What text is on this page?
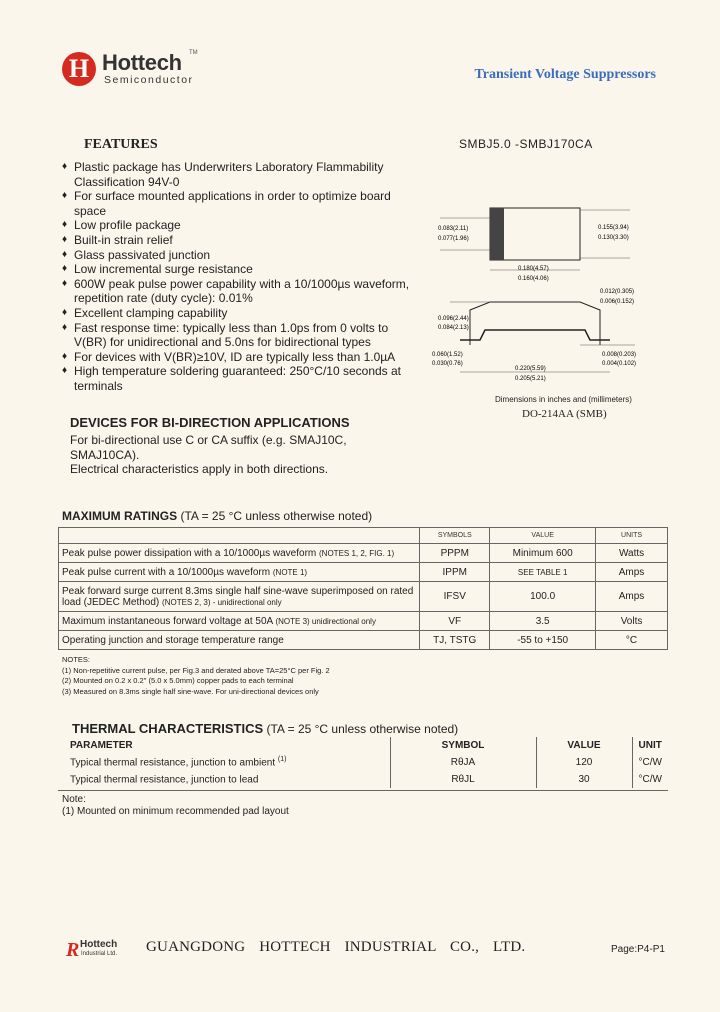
H Hottech TM
Semiconductor	Transient Voltage Suppressors
FEATURES	SMBJ5.0 -SMBJ170CA
♦ Plastic package has Underwriters Laboratory Flammability Classification 94V-0
♦ For surface mounted applications in order to optimize board space
♦ Low profile package
♦ Built-in strain relief
♦ Glass passivated junction
♦ Low incremental surge resistance
♦ 600W peak pulse power capability with a 10/1000µs waveform, repetition rate (duty cycle): 0.01%
♦ Excellent clamping capability
♦ Fast response time: typically less than 1.0ps from 0 volts to V(BR) for unidirectional and 5.0ns for bidirectional types
♦ For devices with V(BR)≥10V, ID are typically less than 1.0µA
♦ High temperature soldering guaranteed: 250°C/10 seconds at terminals
DEVICES FOR BI-DIRECTION APPLICATIONS

For bi-directional use C or CA suffix (e.g. SMAJ10C, SMAJ10CA).

Electrical characteristics apply in both directions.

0.083(2.11)
0.077(1.96)
0.155(3.94)
0.130(3.30)
0.180(4.57)
0.160(4.06)
0.012(0.305)
0.006(0.152)
0.096(2.44)
0.084(2.13)
0.060(1.52)
0.030(0.76)
0.008(0.203)
0.004(0.102)
0.220(5.59)
0.205(5.21)
Dimensions in inches and (millimeters)
DO-214AA (SMB)
MAXIMUM RATINGS (TA = 25 °C unless otherwise noted)
	SYMBOLS	VALUE	UNITS
Peak pulse power dissipation with a 10/1000µs waveform (NOTES 1, 2, FIG. 1)	PPPM	Minimum 600	Watts
Peak pulse current with a 10/1000µs waveform (NOTE 1)	IPPM	SEE TABLE 1	Amps
Peak forward surge current 8.3ms single half sine-wave superimposed on rated load (JEDEC Method) (NOTES 2, 3) - unidirectional only	IFSV	100.0	Amps
Maximum instantaneous forward voltage at 50A (NOTE 3) unidirectional only	VF	3.5	Volts
Operating junction and storage temperature range	TJ, TSTG	-55 to +150	°C
NOTES:
(1) Non-repetitive current pulse, per Fig.3 and derated above TA=25°C per Fig. 2
(2) Mounted on 0.2 x 0.2" (5.0 x 5.0mm) copper pads to each terminal
(3) Measured on 8.3ms single half sine-wave. For uni-directional devices only
THERMAL CHARACTERISTICS (TA = 25 °C unless otherwise noted)
PARAMETER	SYMBOL	VALUE	UNIT
Typical thermal resistance, junction to ambient $^{(1)}$	RθJA	120	°C/W
Typical thermal resistance, junction to lead	RθJL	30	°C/W
Note:
(1) Mounted on minimum recommended pad layout
R Hottech
Industrial Ltd. GUANGDONG HOTTECH INDUSTRIAL CO., LTD.	Page:P4-P1
